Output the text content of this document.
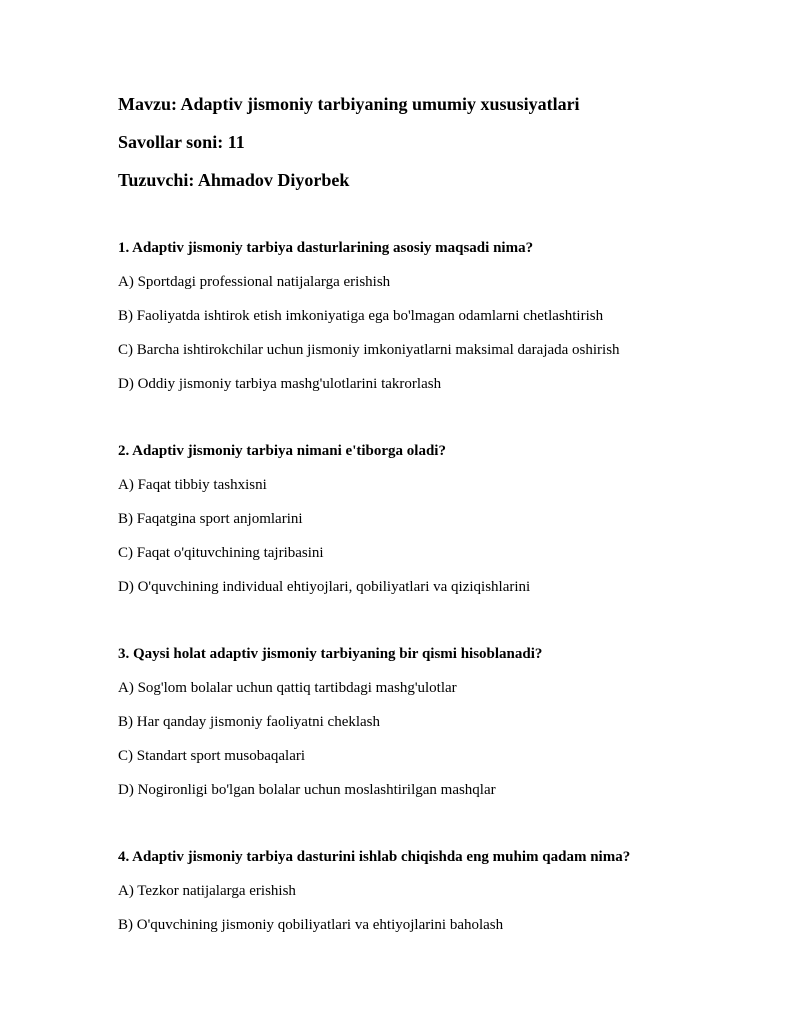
Mavzu: Adaptiv jismoniy tarbiyaning umumiy xususiyatlari
Savollar soni: 11
Tuzuvchi: Ahmadov Diyorbek
1. Adaptiv jismoniy tarbiya dasturlarining asosiy maqsadi nima?
A) Sportdagi professional natijalarga erishish
B) Faoliyatda ishtirok etish imkoniyatiga ega bo'lmagan odamlarni chetlashtirish
C) Barcha ishtirokchilar uchun jismoniy imkoniyatlarni maksimal darajada oshirish
D) Oddiy jismoniy tarbiya mashg'ulotlarini takrorlash
2. Adaptiv jismoniy tarbiya nimani e'tiborga oladi?
A) Faqat tibbiy tashxisni
B) Faqatgina sport anjomlarini
C) Faqat o'qituvchining tajribasini
D) O'quvchining individual ehtiyojlari, qobiliyatlari va qiziqishlarini
3. Qaysi holat adaptiv jismoniy tarbiyaning bir qismi hisoblanadi?
A) Sog'lom bolalar uchun qattiq tartibdagi mashg'ulotlar
B) Har qanday jismoniy faoliyatni cheklash
C) Standart sport musobaqalari
D) Nogironligi bo'lgan bolalar uchun moslashtirilgan mashqlar
4. Adaptiv jismoniy tarbiya dasturini ishlab chiqishda eng muhim qadam nima?
A) Tezkor natijalarga erishish
B) O'quvchining jismoniy qobiliyatlari va ehtiyojlarini baholash
